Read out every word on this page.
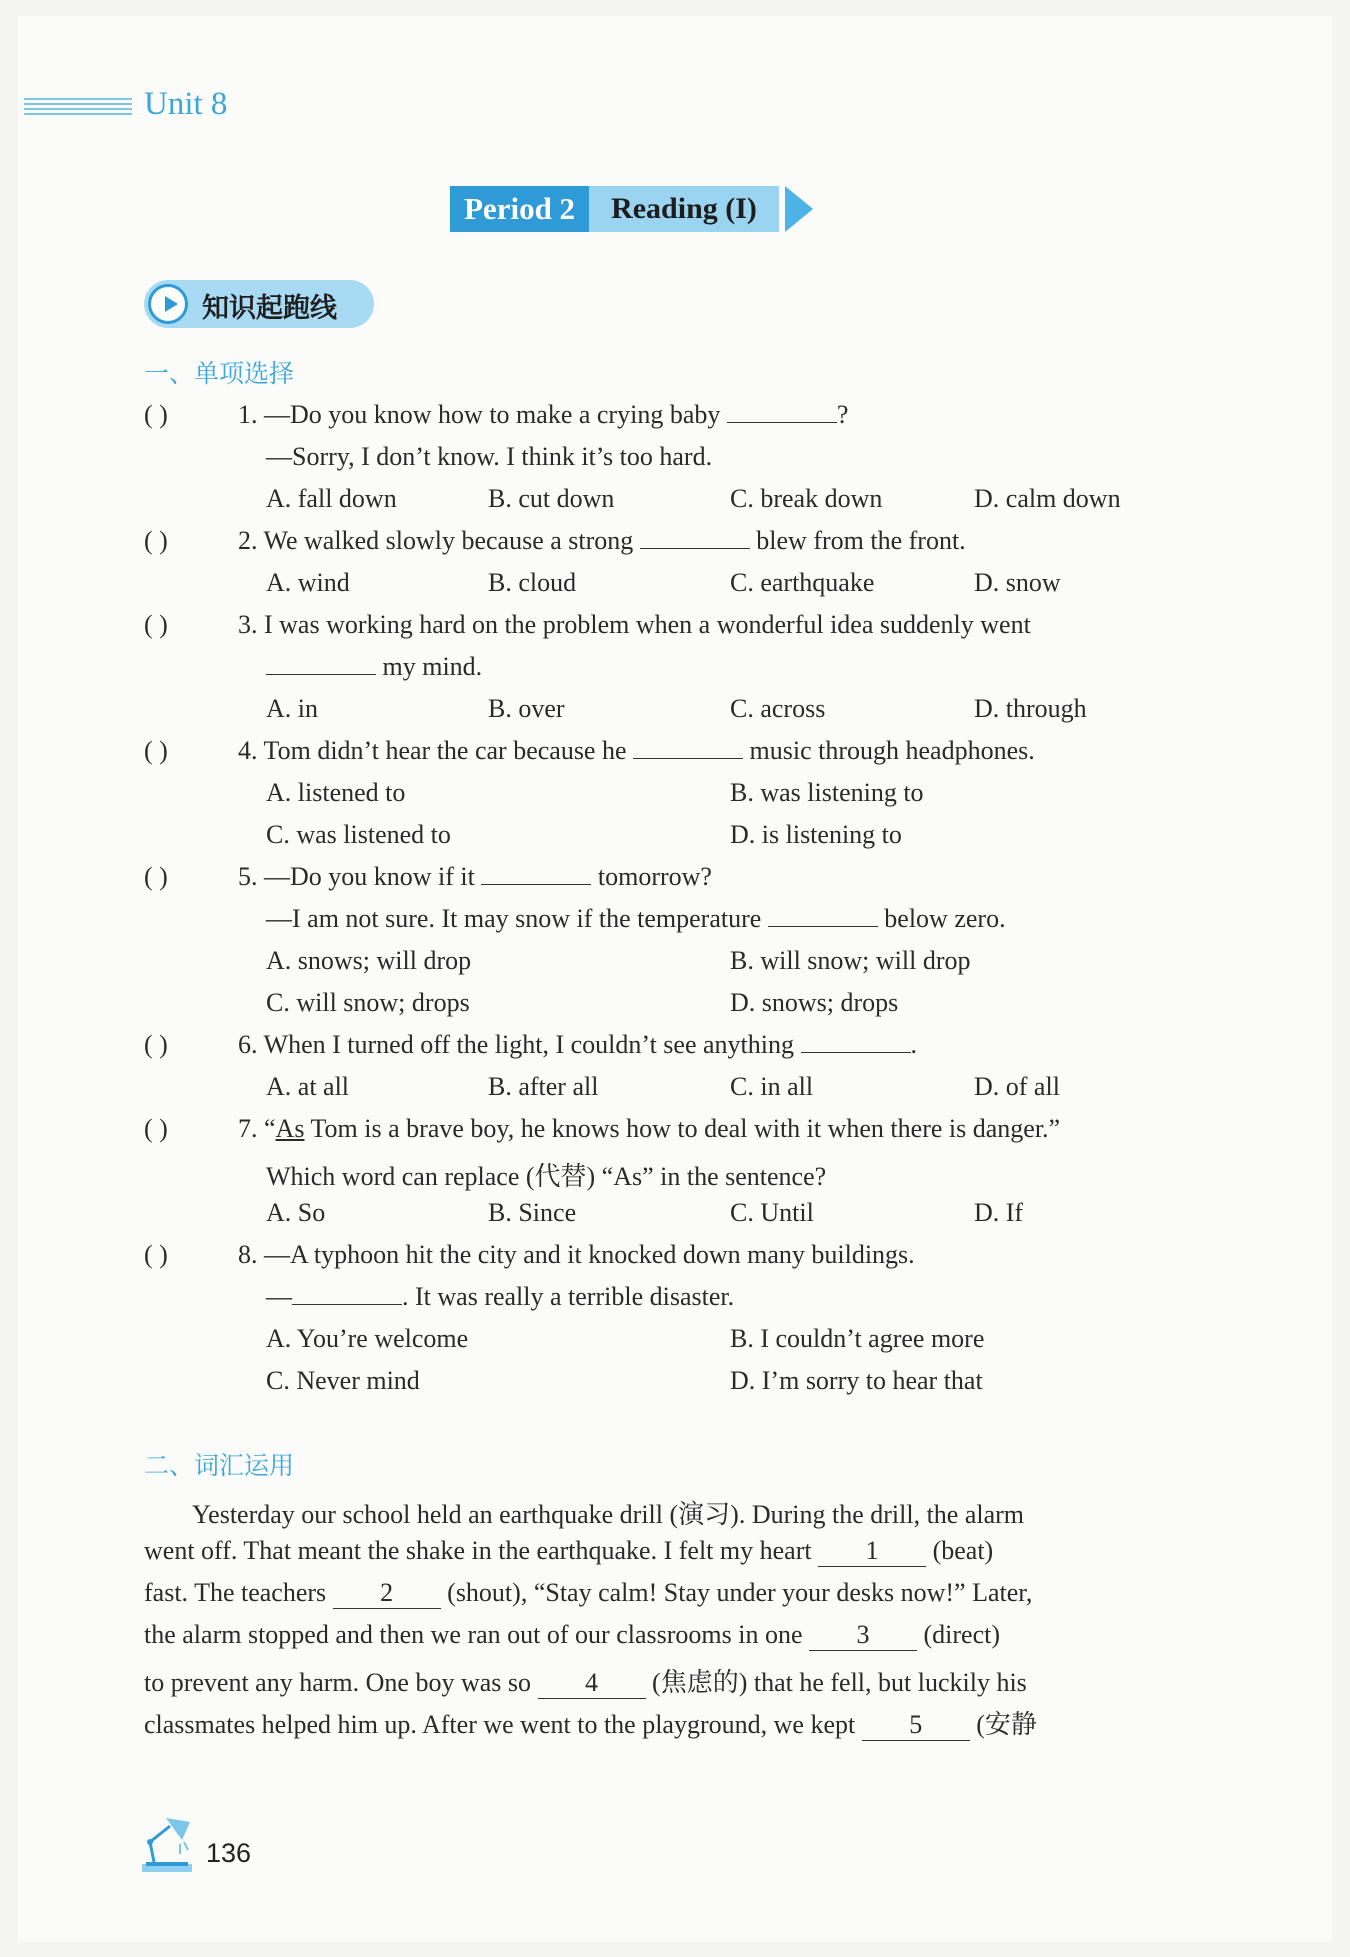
Unit 8
Period 2	Reading (I)
知识起跑线
一、单项选择
( )	1. —Do you know how to make a crying baby	?
—Sorry, I don’t know. I think it’s too hard.
A. fall down	B. cut down	C. break down	D. calm down
( )	2. We walked slowly because a strong	blew from the front.
A. wind	B. cloud	C. earthquake	D. snow
( )	3. I was working hard on the problem when a wonderful idea suddenly went
my mind.
A. in	B. over	C. across	D. through
( )	4. Tom didn’t hear the car because he	music through headphones.
A. listened to	B. was listening to
C. was listened to	D. is listening to
( )	5. —Do you know if it	tomorrow?
—I am not sure. It may snow if the temperature	below zero.
A. snows; will drop	B. will snow; will drop
C. will snow; drops	D. snows; drops
( )	6. When I turned off the light, I couldn’t see anything	.
A. at all	B. after all	C. in all	D. of all
( )	7. “As Tom is a brave boy, he knows how to deal with it when there is danger.”
Which word can replace (代替) “As” in the sentence?
A. So	B. Since	C. Until	D. If
( )	8. —A typhoon hit the city and it knocked down many buildings.
—	. It was really a terrible disaster.
A. You’re welcome	B. I couldn’t agree more
C. Never mind	D. I’m sorry to hear that
二、词汇运用
Yesterday our school held an earthquake drill (演习). During the drill, the alarm
went off. That meant the shake in the earthquake. I felt my heart 1 (beat)
fast. The teachers 2 (shout), “Stay calm! Stay under your desks now!” Later,
the alarm stopped and then we ran out of our classrooms in one 3 (direct)
to prevent any harm. One boy was so 4 (焦虑的) that he fell, but luckily his
classmates helped him up. After we went to the playground, we kept 5 (安静
136
